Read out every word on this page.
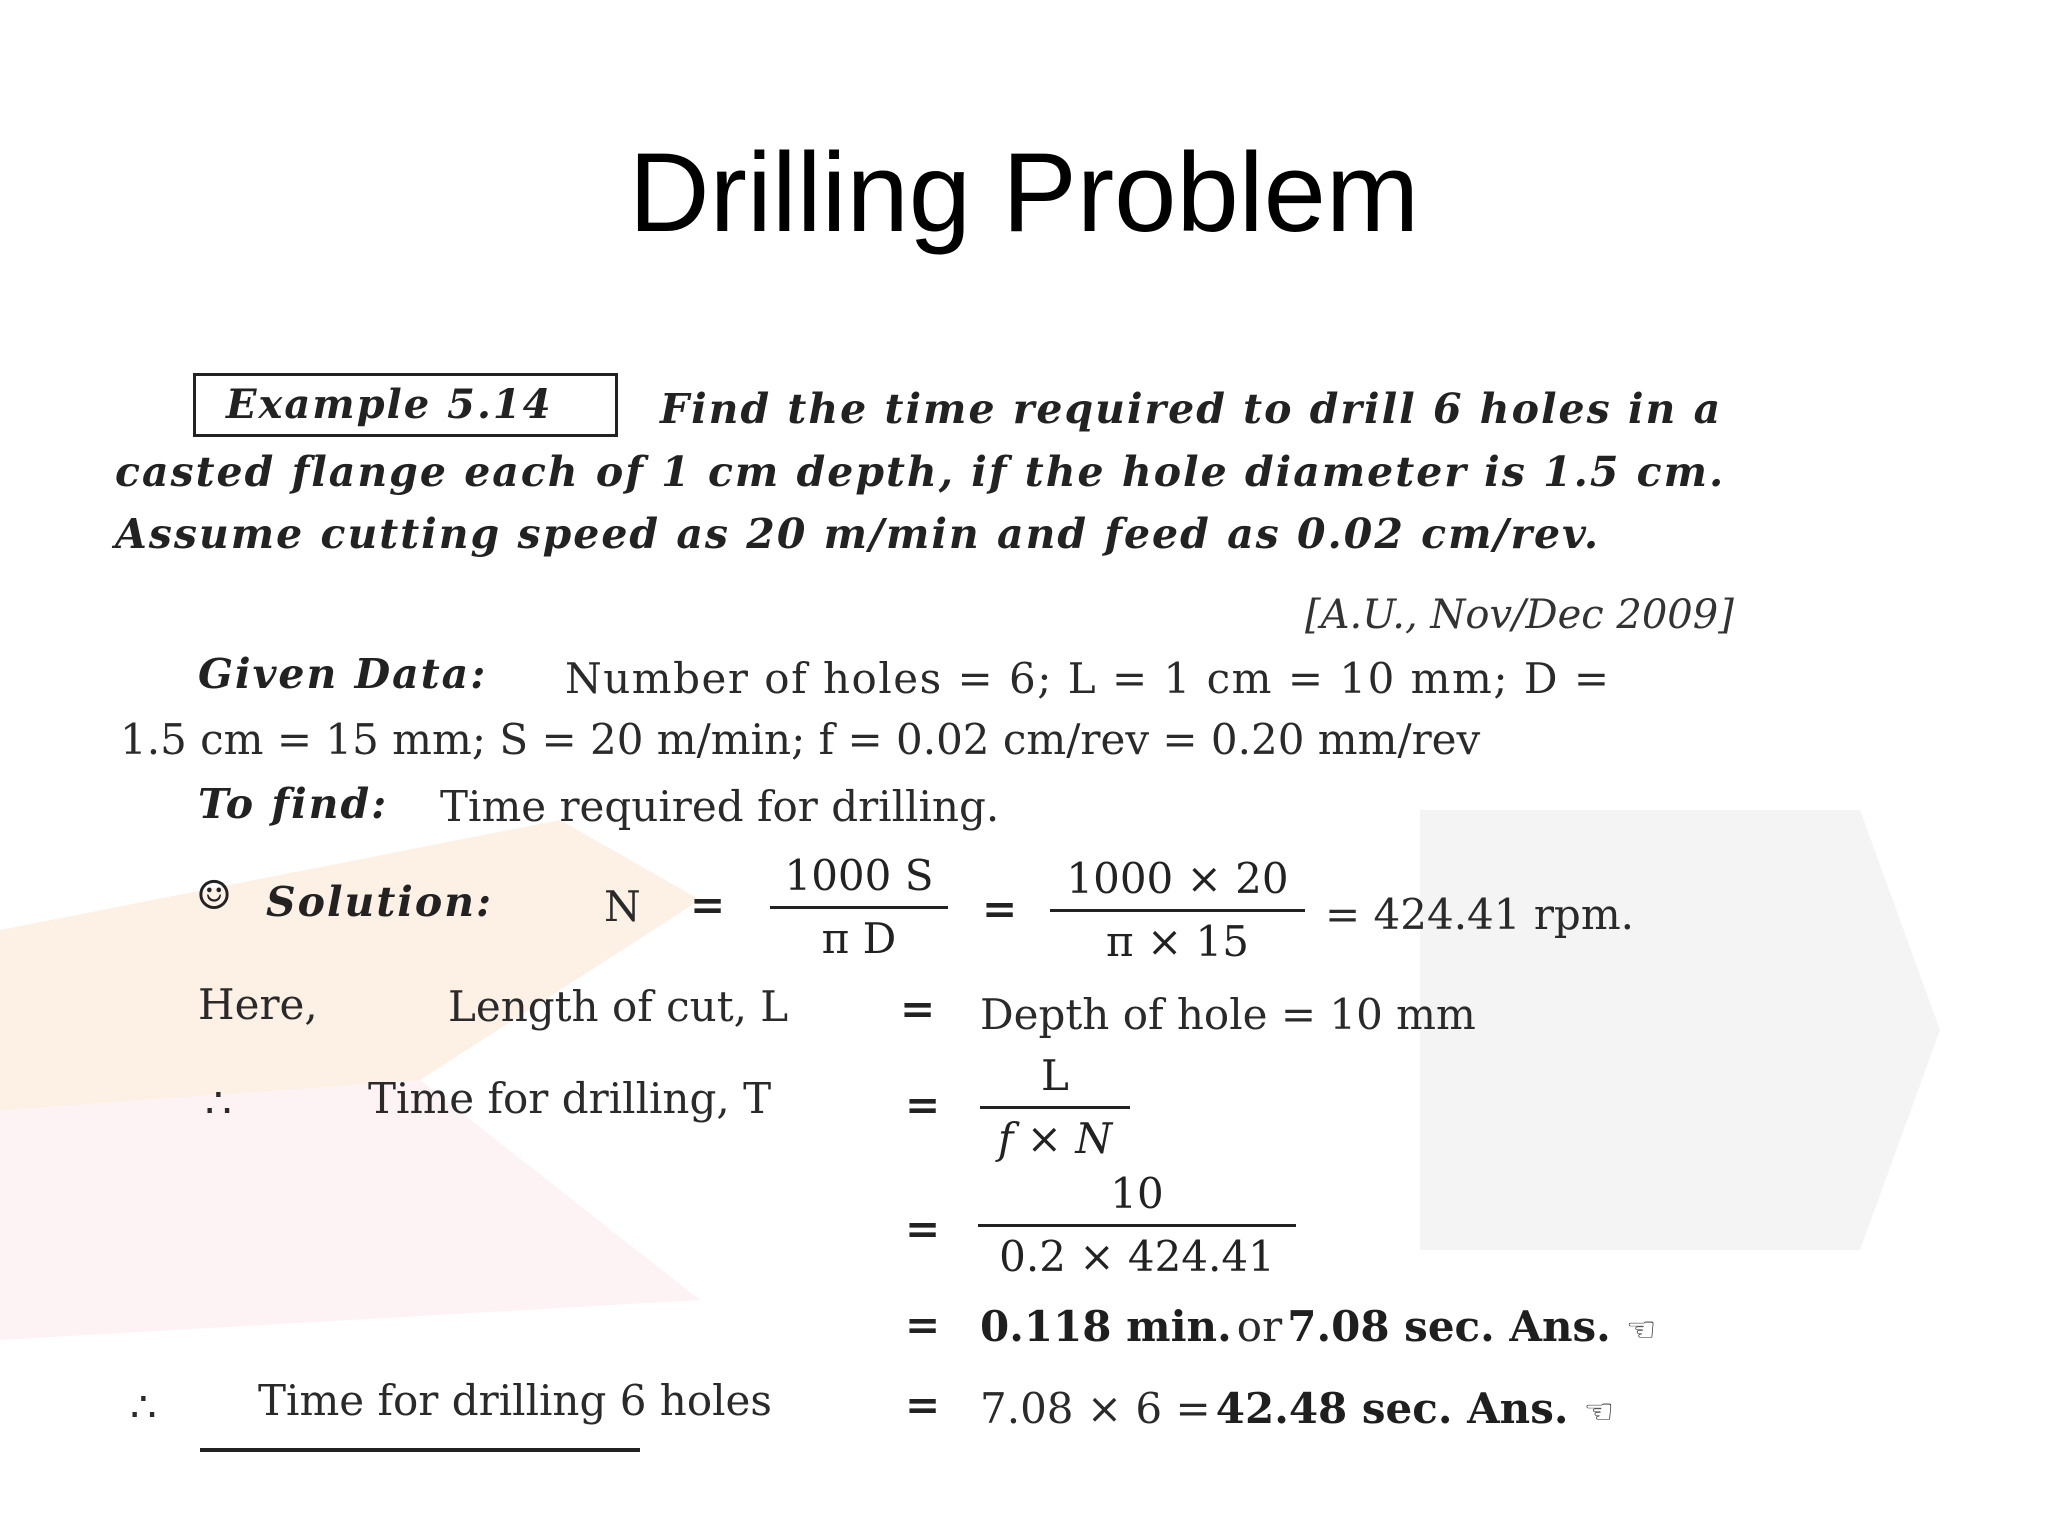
Drilling Problem
Example 5.14	Find the time required to drill 6 holes in a
casted flange each of 1 cm depth, if the hole diameter is 1.5 cm.
Assume cutting speed as 20 m/min and feed as 0.02 cm/rev.
[A.U., Nov/Dec 2009]
Given Data: Number of holes = 6; L = 1 cm = 10 mm; D =
1.5 cm = 15 mm; S = 20 m/min; f = 0.02 cm/rev = 0.20 mm/rev
To find: Time required for drilling.
☺ Solution:	N =
1000 S
π D
=
1000 × 20
π × 15
= 424.41 rpm.
Here,	Length of cut, L	= Depth of hole = 10 mm
∴	Time for drilling, T	=
L
f × N
=
10
0.2 × 424.41
= 0.118 min. or 7.08 sec. Ans. ☜
∴ Time for drilling 6 holes	= 7.08 × 6 = 42.48 sec. Ans. ☜
